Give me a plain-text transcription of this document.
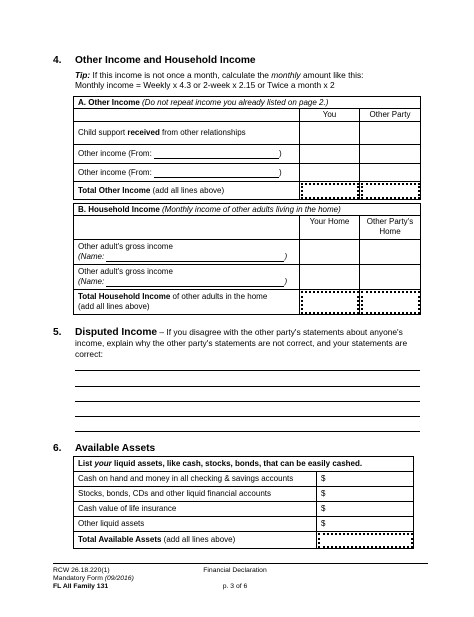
4. Other Income and Household Income
Tip: If this income is not once a month, calculate the monthly amount like this:
Monthly income = Weekly x 4.3 or 2-week x 2.15 or Twice a month x 2
A. Other Income (Do not repeat income you already listed on page 2.)		
	You	Other Party
Child support received from other relationships		
Other income (From: )		
Other income (From: )		
Total Other Income (add all lines above)		
B. Household Income (Monthly income of other adults living in the home)		
	Your Home	Other Party's
Home
Other adult's gross income
(Name: )		
Other adult's gross income
(Name: )		
Total Household Income of other adults in the home
(add all lines above)		
5. Disputed Income – If you disagree with the other party's statements about anyone's
income, explain why the other party's statements are not correct, and your statements are
correct:
6. Available Assets
List your liquid assets, like cash, stocks, bonds, that can be easily cashed.	
Cash on hand and money in all checking & savings accounts	$
Stocks, bonds, CDs and other liquid financial accounts	$
Cash value of life insurance	$
Other liquid assets	$
Total Available Assets (add all lines above)	
RCW 26.18.220(1)
Mandatory Form (09/2016)
FL All Family 131
Financial Declaration
p. 3 of 6
